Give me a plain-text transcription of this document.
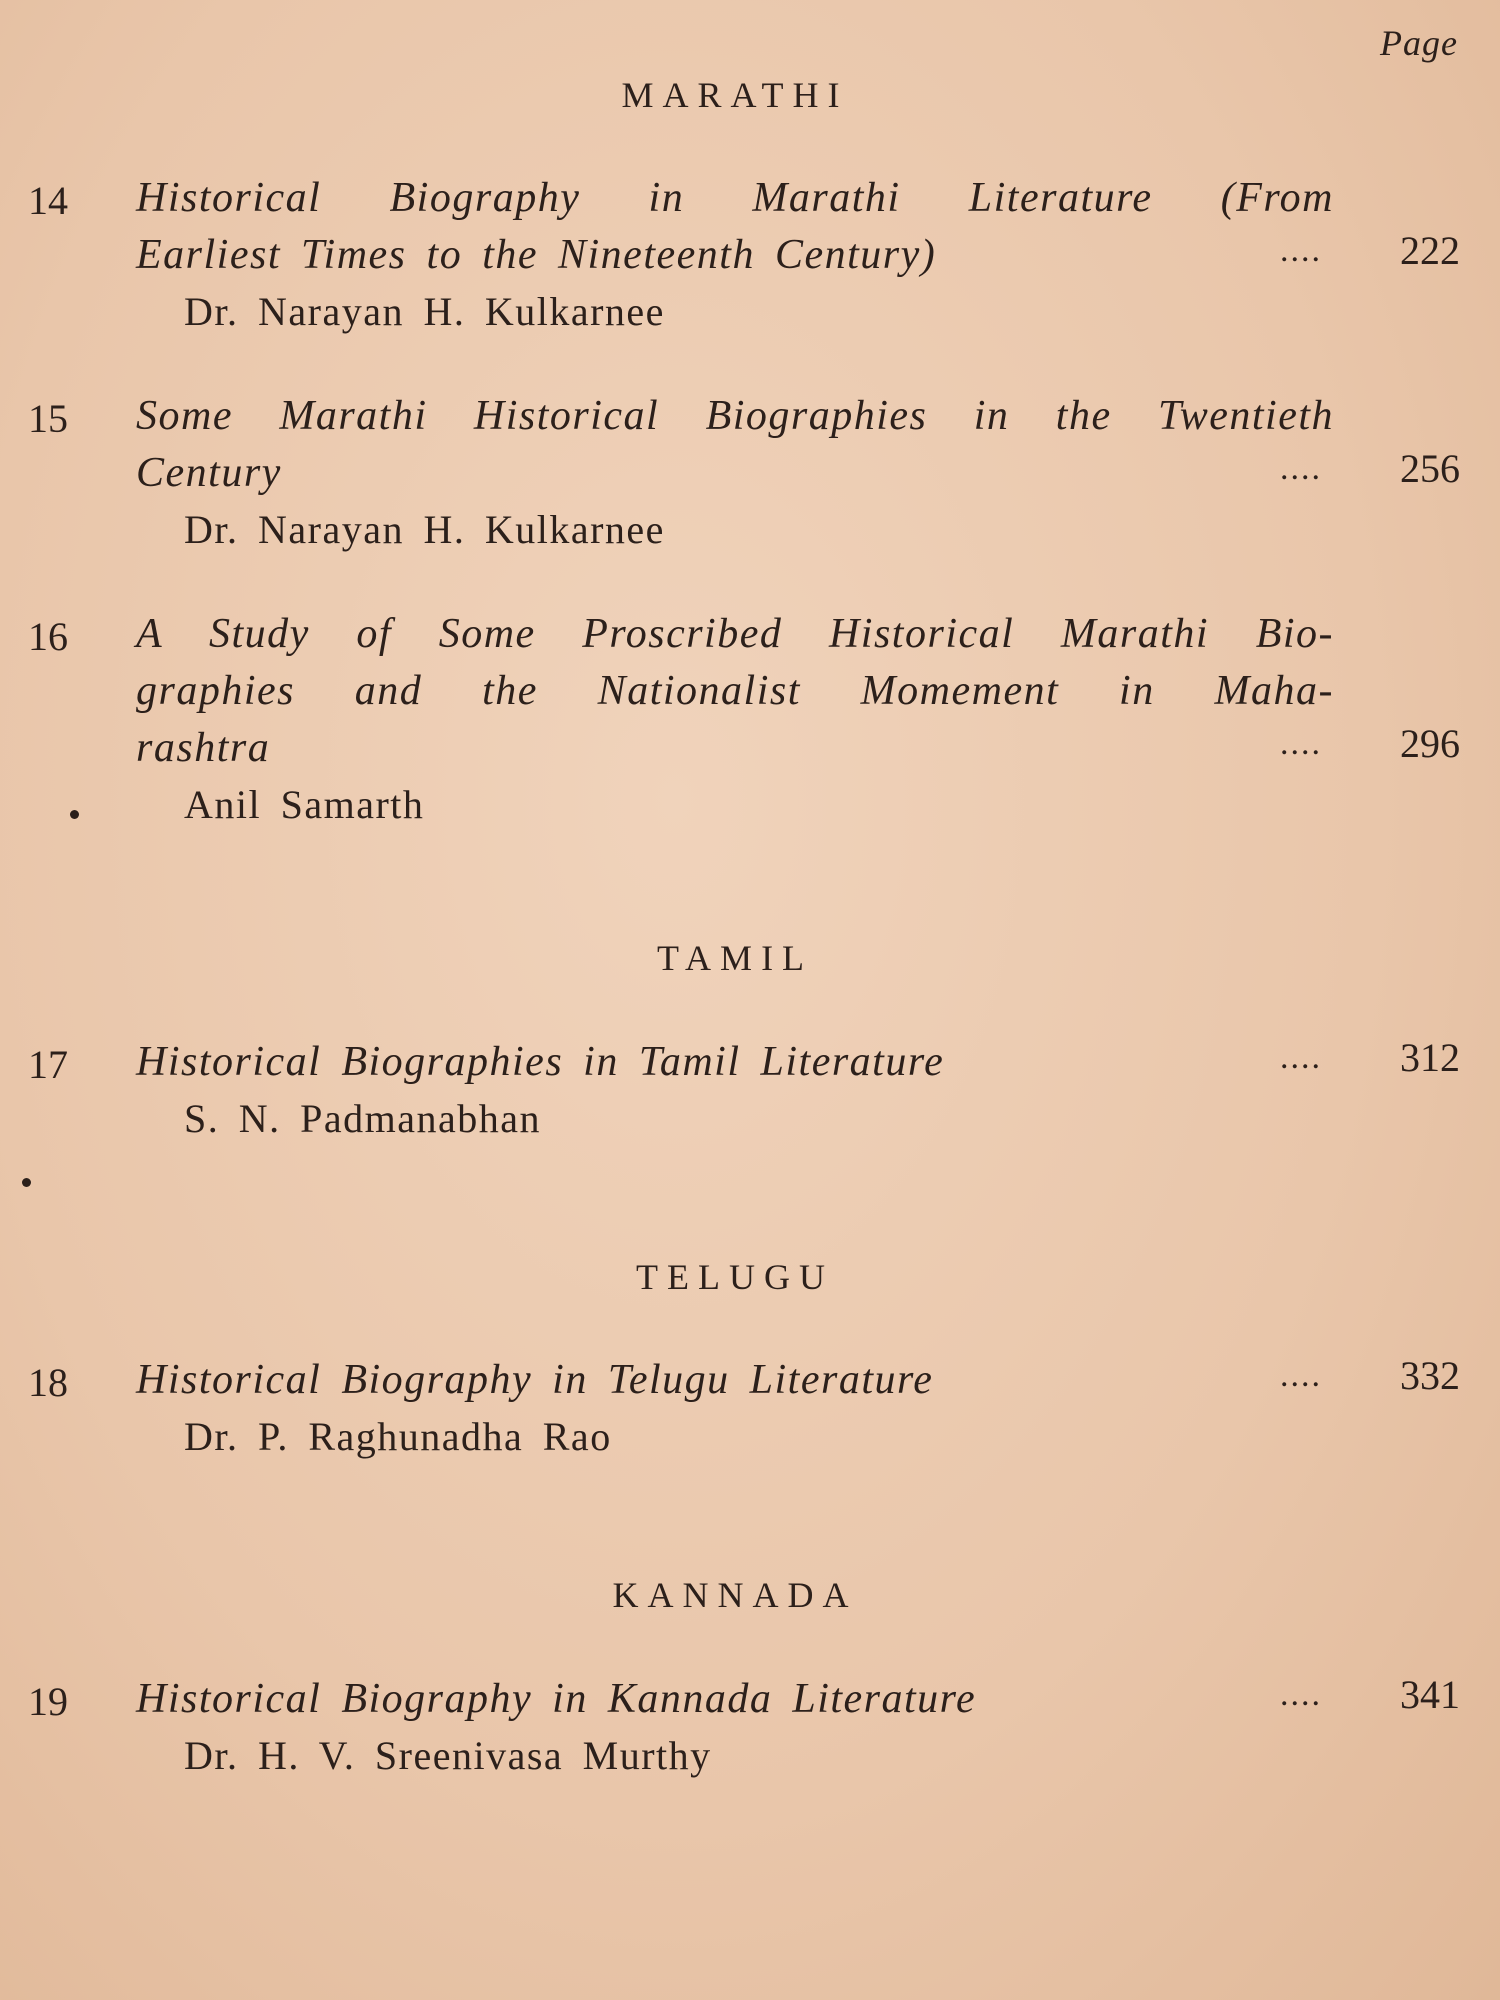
Page
MARATHI
14 Historical Biography in Marathi Literature (From
Earliest Times to the Nineteenth Century)	.... 222
Dr. Narayan H. Kulkarnee
15 Some Marathi Historical Biographies in the Twentieth
Century	.... 256
Dr. Narayan H. Kulkarnee
16 A Study of Some Proscribed Historical Marathi Bio-
graphies and the Nationalist Momement in Maha-
rashtra	.... 296
Anil Samarth
TAMIL
17 Historical Biographies in Tamil Literature	.... 312
S. N. Padmanabhan
TELUGU
18 Historical Biography in Telugu Literature	.... 332
Dr. P. Raghunadha Rao
KANNADA
19 Historical Biography in Kannada Literature	.... 341
Dr. H. V. Sreenivasa Murthy
